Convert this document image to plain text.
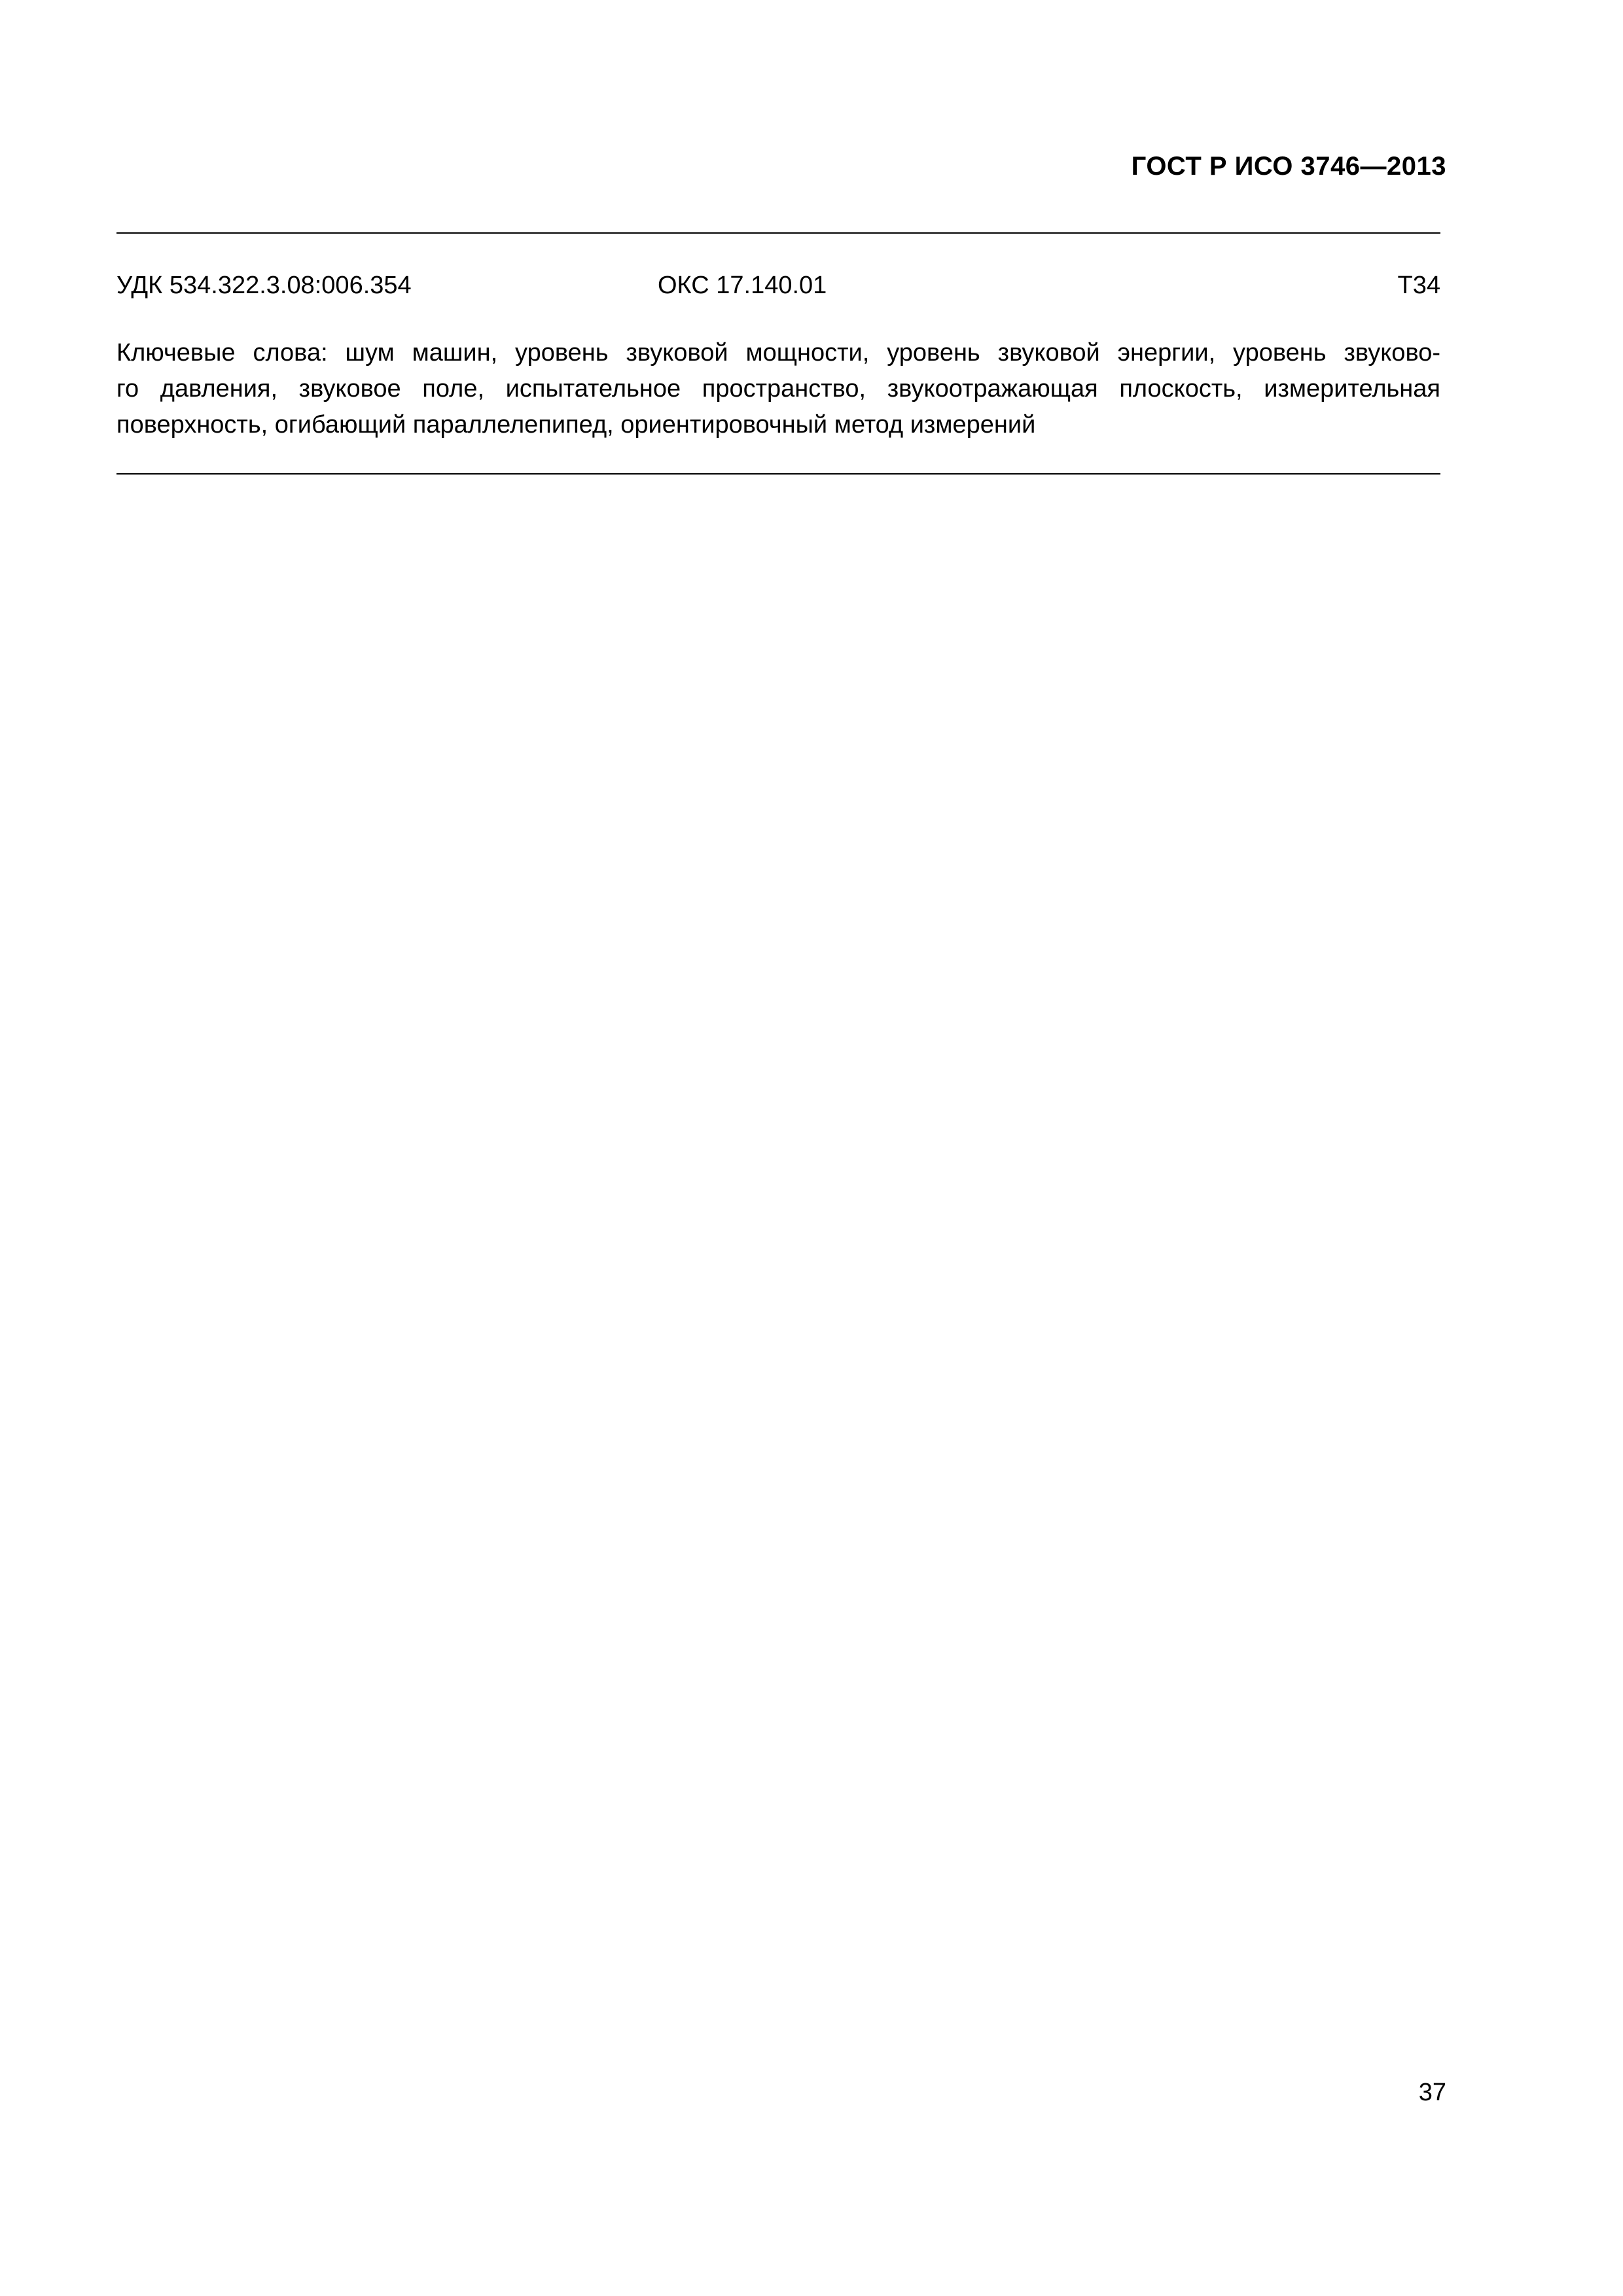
ГОСТ Р ИСО 3746—2013
УДК 534.322.3.08:006.354	ОКС 17.140.01	Т34
Ключевые слова: шум машин, уровень звуковой мощности, уровень звуковой энергии, уровень звуково-
го давления, звуковое поле, испытательное пространство, звукоотражающая плоскость, измерительная
поверхность, огибающий параллелепипед, ориентировочный метод измерений
37
